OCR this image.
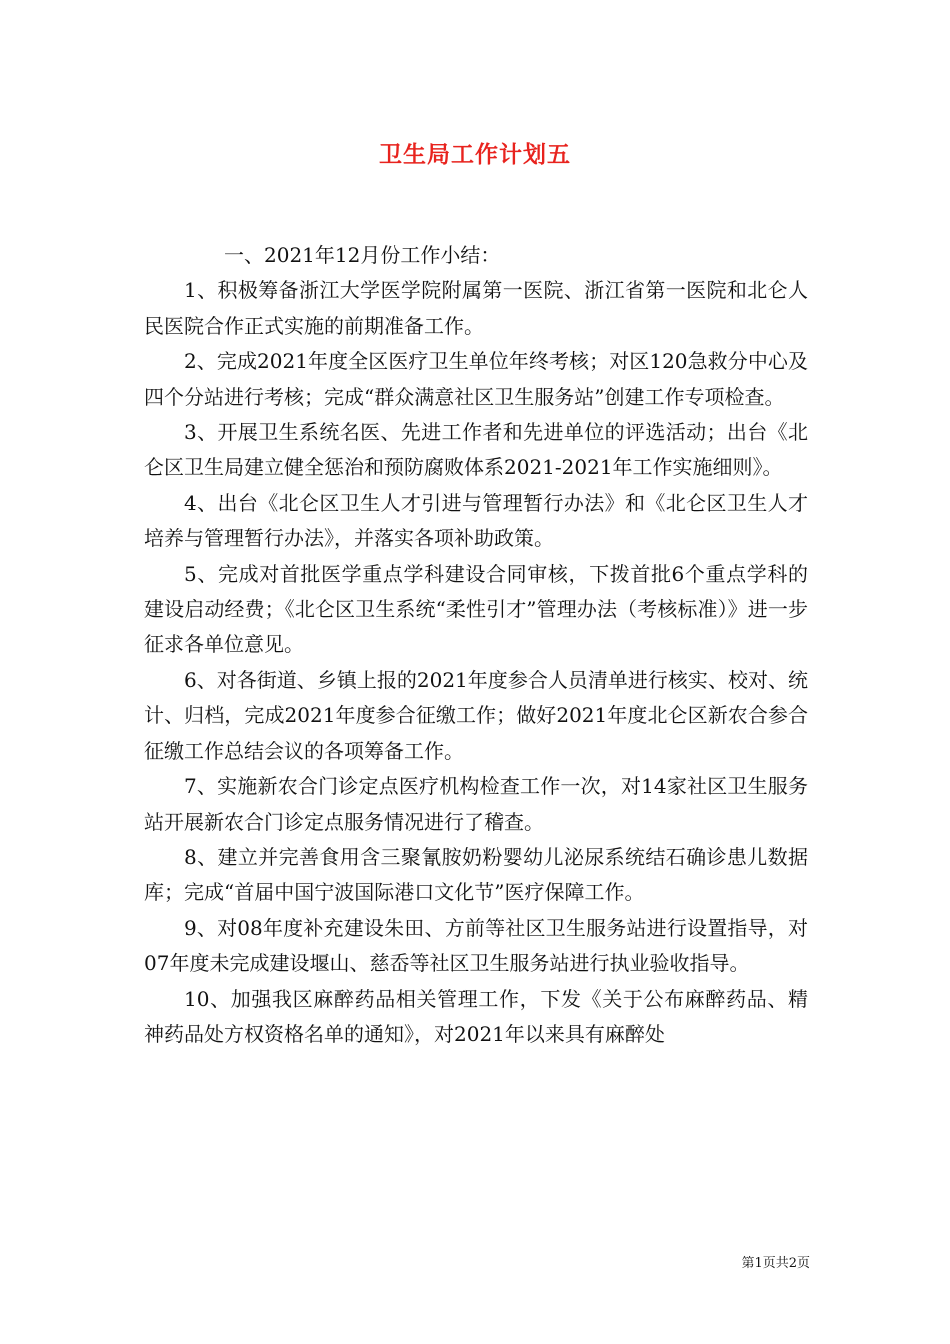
卫生局工作计划五

一、2021年12月份工作小结：

1、积极筹备浙江大学医学院附属第一医院、浙江省第一医院和北仑人民医院合作正式实施的前期准备工作。

2、完成2021年度全区医疗卫生单位年终考核；对区120急救分中心及四个分站进行考核；完成“群众满意社区卫生服务站”创建工作专项检查。

3、开展卫生系统名医、先进工作者和先进单位的评选活动；出台《北仑区卫生局建立健全惩治和预防腐败体系2021-2021年工作实施细则》。

4、出台《北仑区卫生人才引进与管理暂行办法》和《北仑区卫生人才培养与管理暂行办法》，并落实各项补助政策。

5、完成对首批医学重点学科建设合同审核，下拨首批6个重点学科的建设启动经费；《北仑区卫生系统“柔性引才”管理办法（考核标准）》进一步征求各单位意见。

6、对各街道、乡镇上报的2021年度参合人员清单进行核实、校对、统计、归档，完成2021年度参合征缴工作；做好2021年度北仑区新农合参合征缴工作总结会议的各项筹备工作。

7、实施新农合门诊定点医疗机构检查工作一次，对14家社区卫生服务站开展新农合门诊定点服务情况进行了稽查。

8、建立并完善食用含三聚氰胺奶粉婴幼儿泌尿系统结石确诊患儿数据库；完成“首届中国宁波国际港口文化节”医疗保障工作。

9、对08年度补充建设朱田、方前等社区卫生服务站进行设置指导，对07年度未完成建设堰山、慈岙等社区卫生服务站进行执业验收指导。

10、加强我区麻醉药品相关管理工作，下发《关于公布麻醉药品、精神药品处方权资格名单的通知》，对2021年以来具有麻醉处

第1页共2页
